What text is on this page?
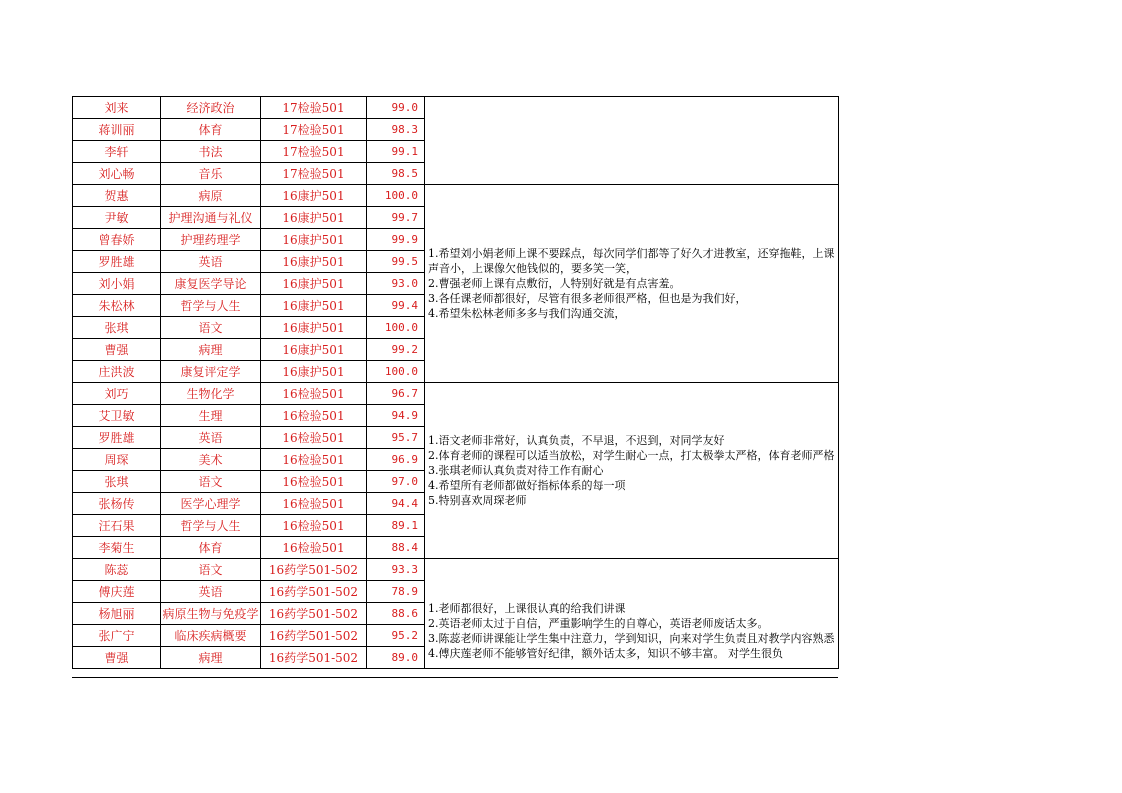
刘来	经济政治	17检验501	99.0	

蒋训丽	体育	17检验501	98.3	
李轩	书法	17检验501	99.1	
刘心畅	音乐	17检验501	98.5	
贺惠	病原	16康护501	100.0	1.希望刘小娟老师上课不要踩点，每次同学们都等了好久才进教室，还穿拖鞋，上课声音小，上课像欠他钱似的，要多笑一笑，
2.曹强老师上课有点敷衍，人特别好就是有点害羞。
3.各任课老师都很好，尽管有很多老师很严格，但也是为我们好，
4.希望朱松林老师多多与我们沟通交流，

尹敏	护理沟通与礼仪	16康护501	99.7	
曾春娇	护理药理学	16康护501	99.9	
罗胜雄	英语	16康护501	99.5	
刘小娟	康复医学导论	16康护501	93.0	
朱松林	哲学与人生	16康护501	99.4	
张琪	语文	16康护501	100.0	
曹强	病理	16康护501	99.2	
庄洪波	康复评定学	16康护501	100.0	
刘巧	生物化学	16检验501	96.7	1.语文老师非常好，认真负责，不早退，不迟到，对同学友好
2.体育老师的课程可以适当放松，对学生耐心一点，打太极拳太严格，体育老师严格
3.张琪老师认真负责对待工作有耐心
4.希望所有老师都做好指标体系的每一项
5.特别喜欢周琛老师

艾卫敏	生理	16检验501	94.9	
罗胜雄	英语	16检验501	95.7	
周琛	美术	16检验501	96.9	
张琪	语文	16检验501	97.0	
张杨传	医学心理学	16检验501	94.4	
汪石果	哲学与人生	16检验501	89.1	
李菊生	体育	16检验501	88.4	
陈蕊	语文	16药学501-502	93.3	1.老师都很好，上课很认真的给我们讲课
2.英语老师太过于自信，严重影响学生的自尊心，英语老师废话太多。
3.陈蕊老师讲课能让学生集中注意力，学到知识，向来对学生负责且对教学内容熟悉
4.傅庆莲老师不能够管好纪律，额外话太多，知识不够丰富。 对学生很负

傅庆莲	英语	16药学501-502	78.9	
杨旭丽	病原生物与免疫学	16药学501-502	88.6	
张广宁	临床疾病概要	16药学501-502	95.2	
曹强	病理	16药学501-502	89.0	
